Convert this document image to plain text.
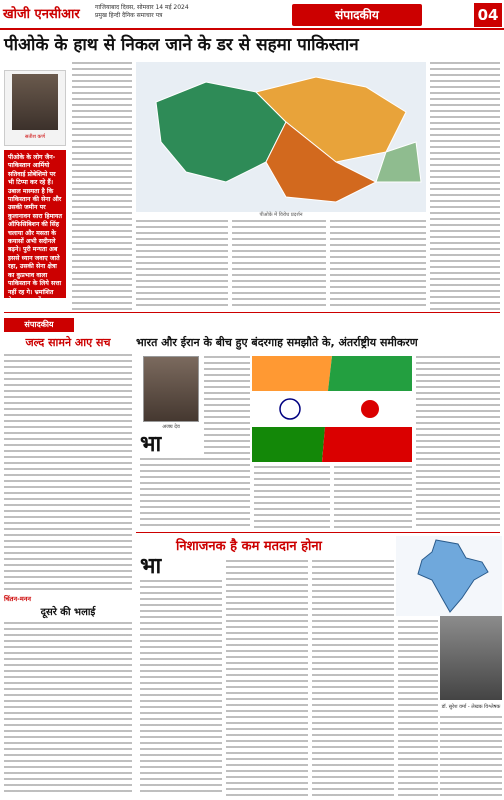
खोजी एनसीआर	गाजियाबाद दिवस, सोमवार 14 मई 2024
प्रमुख हिन्दी दैनिक समाचार पत्र	संपादकीय	04
पीओके के हाथ से निकल जाने के डर से सहमा पाकिस्तान
सतीश कर्ण
पीओके के लोग जैन-पाकिस्तान आर्मियो सतिवाई प्रोबेशिमो पर भी टिप्पा कर रहे हैं। उबाल मास्यता है कि पाकिस्तान की सेना और उसकी जमीन पर कुलानावन सारा हिमायत ऑफिसिबिशन की सिंह चलाया और मसता के कयासों अभी सदीनले बढ़ने। पुरी मन्यता अब इससे ध्यान जवाए जाते रहा, उसकी सेना क्षेत्रा का कुप्रभाव वाला पाकिस्तान के लिये सत्ता नहीं रह गे। भ्रमांशित बेयान बन्नाल में सत्तार हठाया गया है
पीओके में विरोध प्रदर्शन
संपादकीय
जल्द सामने आए सच	भारत और ईरान के बीच हुए बंदरगाह समझौते के, अंतर्राष्ट्रीय समीकरण
अजय देव
भा
चिंतन-मनन
दूसरे की भलाई
निशाजनक है कम मतदान होना
भा
डॉ. सुरेश वर्मा - लेखक विश्लेषक
